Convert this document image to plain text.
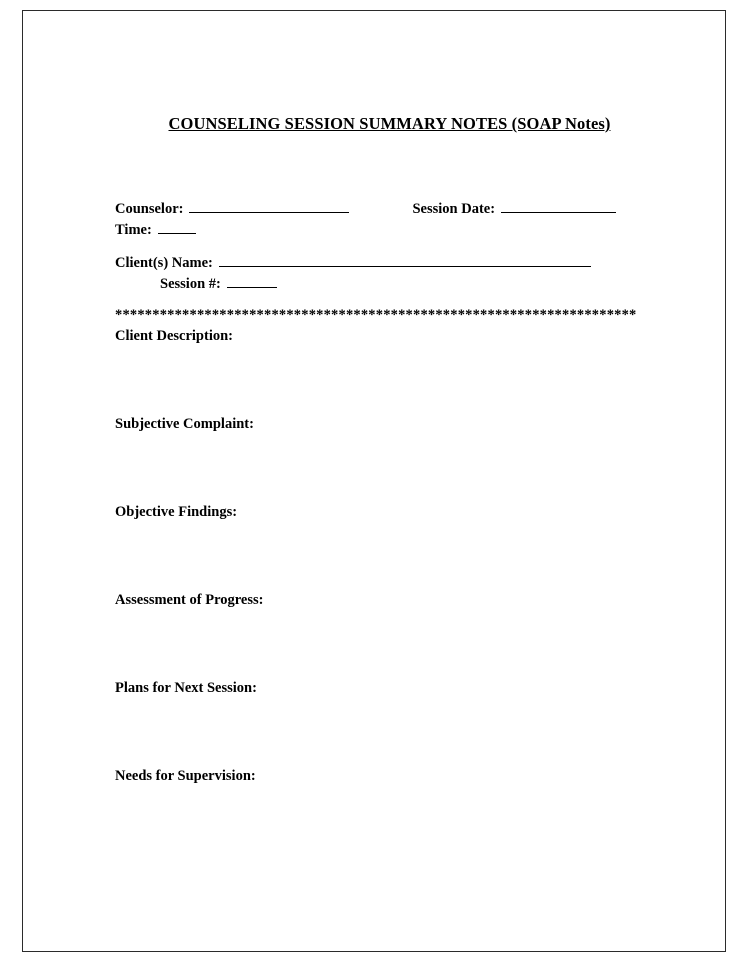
COUNSELING SESSION SUMMARY NOTES (SOAP Notes)
Counselor:	Session Date:
Time:
Client(s) Name :
Session #:
**********************************************************************
Client Description:
Subjective Complaint:
Objective Findings:
Assessment of Progress:
Plans for Next Session:
Needs for Supervision:
